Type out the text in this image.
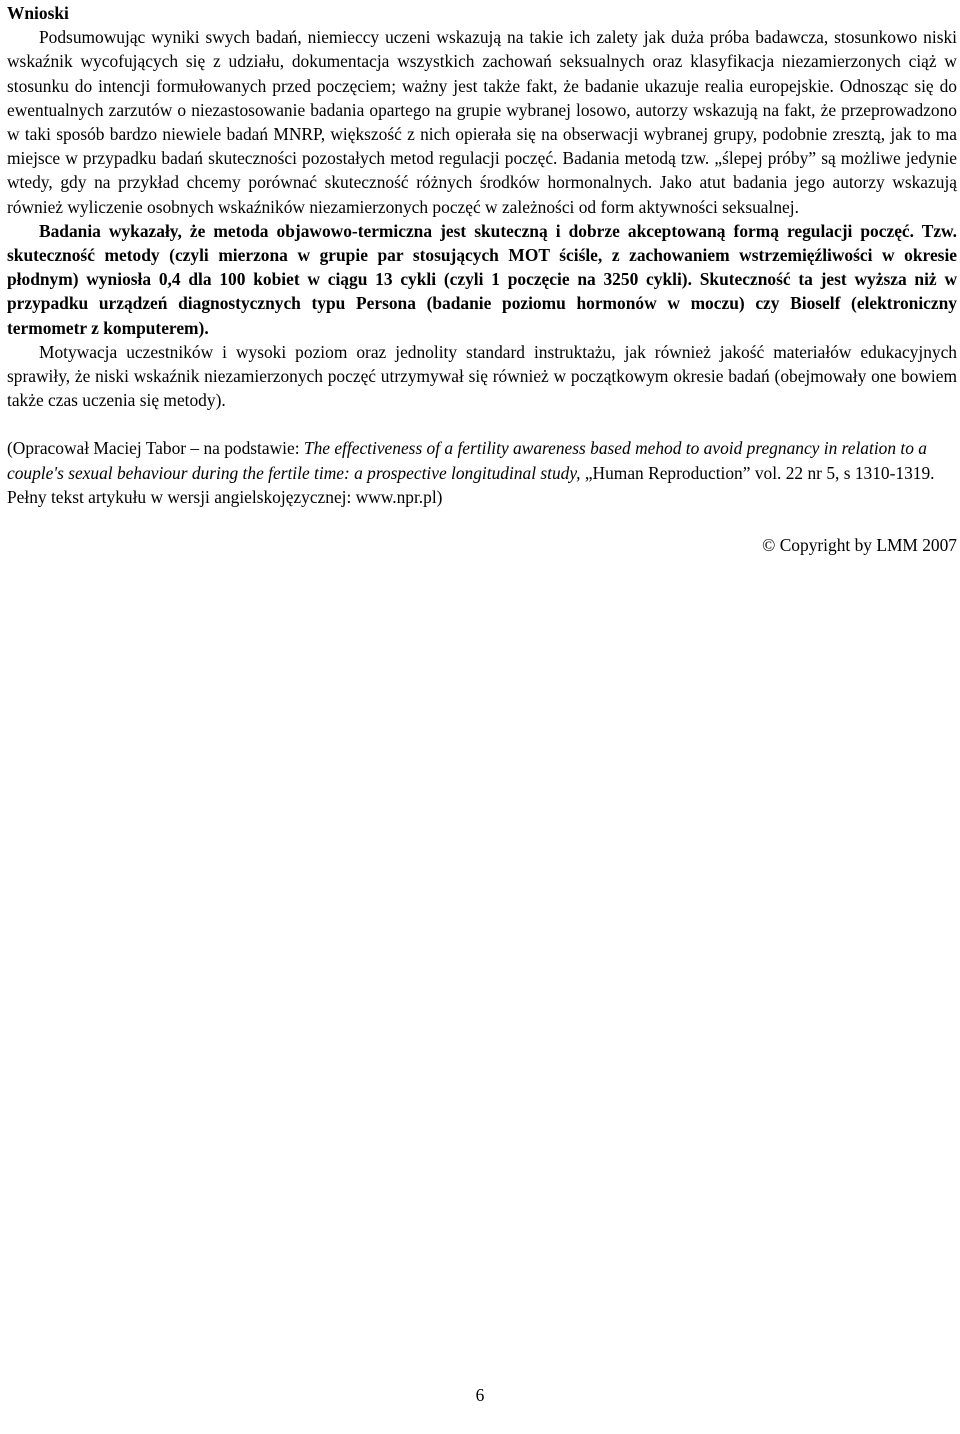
Wnioski

Podsumowując wyniki swych badań, niemieccy uczeni wskazują na takie ich zalety jak duża próba badawcza, stosunkowo niski wskaźnik wycofujących się z udziału, dokumentacja wszystkich zachowań seksualnych oraz klasyfikacja niezamierzonych ciąż w stosunku do intencji formułowanych przed poczęciem; ważny jest także fakt, że badanie ukazuje realia europejskie. Odnosząc się do ewentualnych zarzutów o niezastosowanie badania opartego na grupie wybranej losowo, autorzy wskazują na fakt, że przeprowadzono w taki sposób bardzo niewiele badań MNRP, większość z nich opierała się na obserwacji wybranej grupy, podobnie zresztą, jak to ma miejsce w przypadku badań skuteczności pozostałych metod regulacji poczęć. Badania metodą tzw. „ślepej próby” są możliwe jedynie wtedy, gdy na przykład chcemy porównać skuteczność różnych środków hormonalnych. Jako atut badania jego autorzy wskazują również wyliczenie osobnych wskaźników niezamierzonych poczęć w zależności od form aktywności seksualnej.

Badania wykazały, że metoda objawowo-termiczna jest skuteczną i dobrze akceptowaną formą regulacji poczęć. Tzw. skuteczność metody (czyli mierzona w grupie par stosujących MOT ściśle, z zachowaniem wstrzemięźliwości w okresie płodnym) wyniosła 0,4 dla 100 kobiet w ciągu 13 cykli (czyli 1 poczęcie na 3250 cykli). Skuteczność ta jest wyższa niż w przypadku urządzeń diagnostycznych typu Persona (badanie poziomu hormonów w moczu) czy Bioself (elektroniczny termometr z komputerem).

Motywacja uczestników i wysoki poziom oraz jednolity standard instruktażu, jak również jakość materiałów edukacyjnych sprawiły, że niski wskaźnik niezamierzonych poczęć utrzymywał się również w początkowym okresie badań (obejmowały one bowiem także czas uczenia się metody).

(Opracował Maciej Tabor – na podstawie: The effectiveness of a fertility awareness based mehod to avoid pregnancy in relation to a couple's sexual behaviour during the fertile time: a prospective longitudinal study, „Human Reproduction” vol. 22 nr 5, s 1310-1319. Pełny tekst artykułu w wersji angielskojęzycznej: www.npr.pl)

© Copyright by LMM 2007

6
